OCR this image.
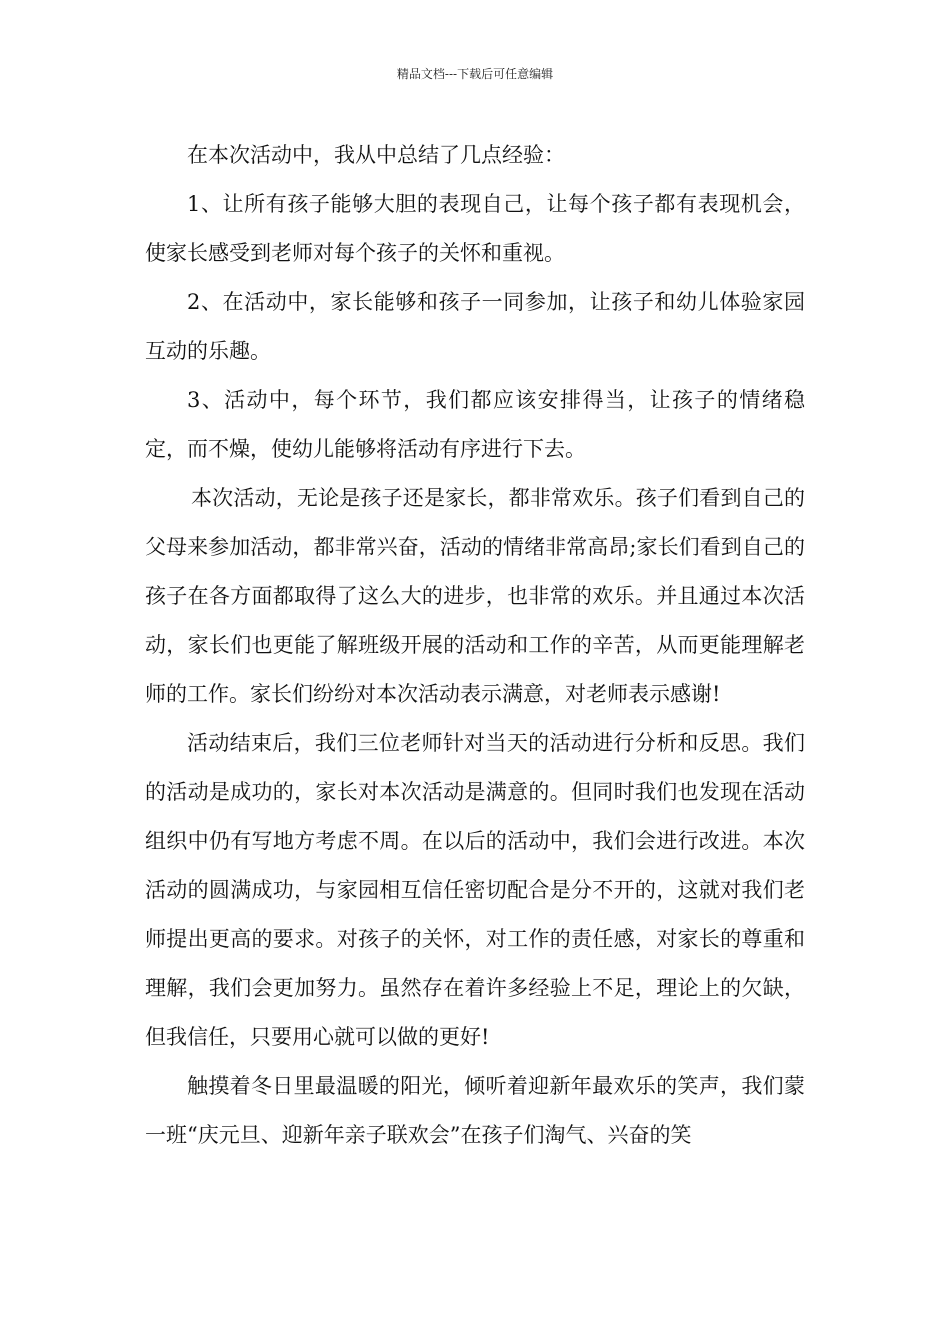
精品文档---下载后可任意编辑

在本次活动中，我从中总结了几点经验：

1、让所有孩子能够大胆的表现自己，让每个孩子都有表现机会，使家长感受到老师对每个孩子的关怀和重视。

2、在活动中，家长能够和孩子一同参加，让孩子和幼儿体验家园互动的乐趣。

3、活动中，每个环节，我们都应该安排得当，让孩子的情绪稳定，而不燥，使幼儿能够将活动有序进行下去。

本次活动，无论是孩子还是家长，都非常欢乐。孩子们看到自己的父母来参加活动，都非常兴奋，活动的情绪非常高昂;家长们看到自己的孩子在各方面都取得了这么大的进步，也非常的欢乐。并且通过本次活动，家长们也更能了解班级开展的活动和工作的辛苦，从而更能理解老师的工作。家长们纷纷对本次活动表示满意，对老师表示感谢!

活动结束后，我们三位老师针对当天的活动进行分析和反思。我们的活动是成功的，家长对本次活动是满意的。但同时我们也发现在活动组织中仍有写地方考虑不周。在以后的活动中，我们会进行改进。本次活动的圆满成功，与家园相互信任密切配合是分不开的，这就对我们老师提出更高的要求。对孩子的关怀，对工作的责任感，对家长的尊重和理解，我们会更加努力。虽然存在着许多经验上不足，理论上的欠缺，但我信任，只要用心就可以做的更好!

触摸着冬日里最温暖的阳光，倾听着迎新年最欢乐的笑声，我们蒙一班“庆元旦、迎新年亲子联欢会”在孩子们淘气、兴奋的笑
